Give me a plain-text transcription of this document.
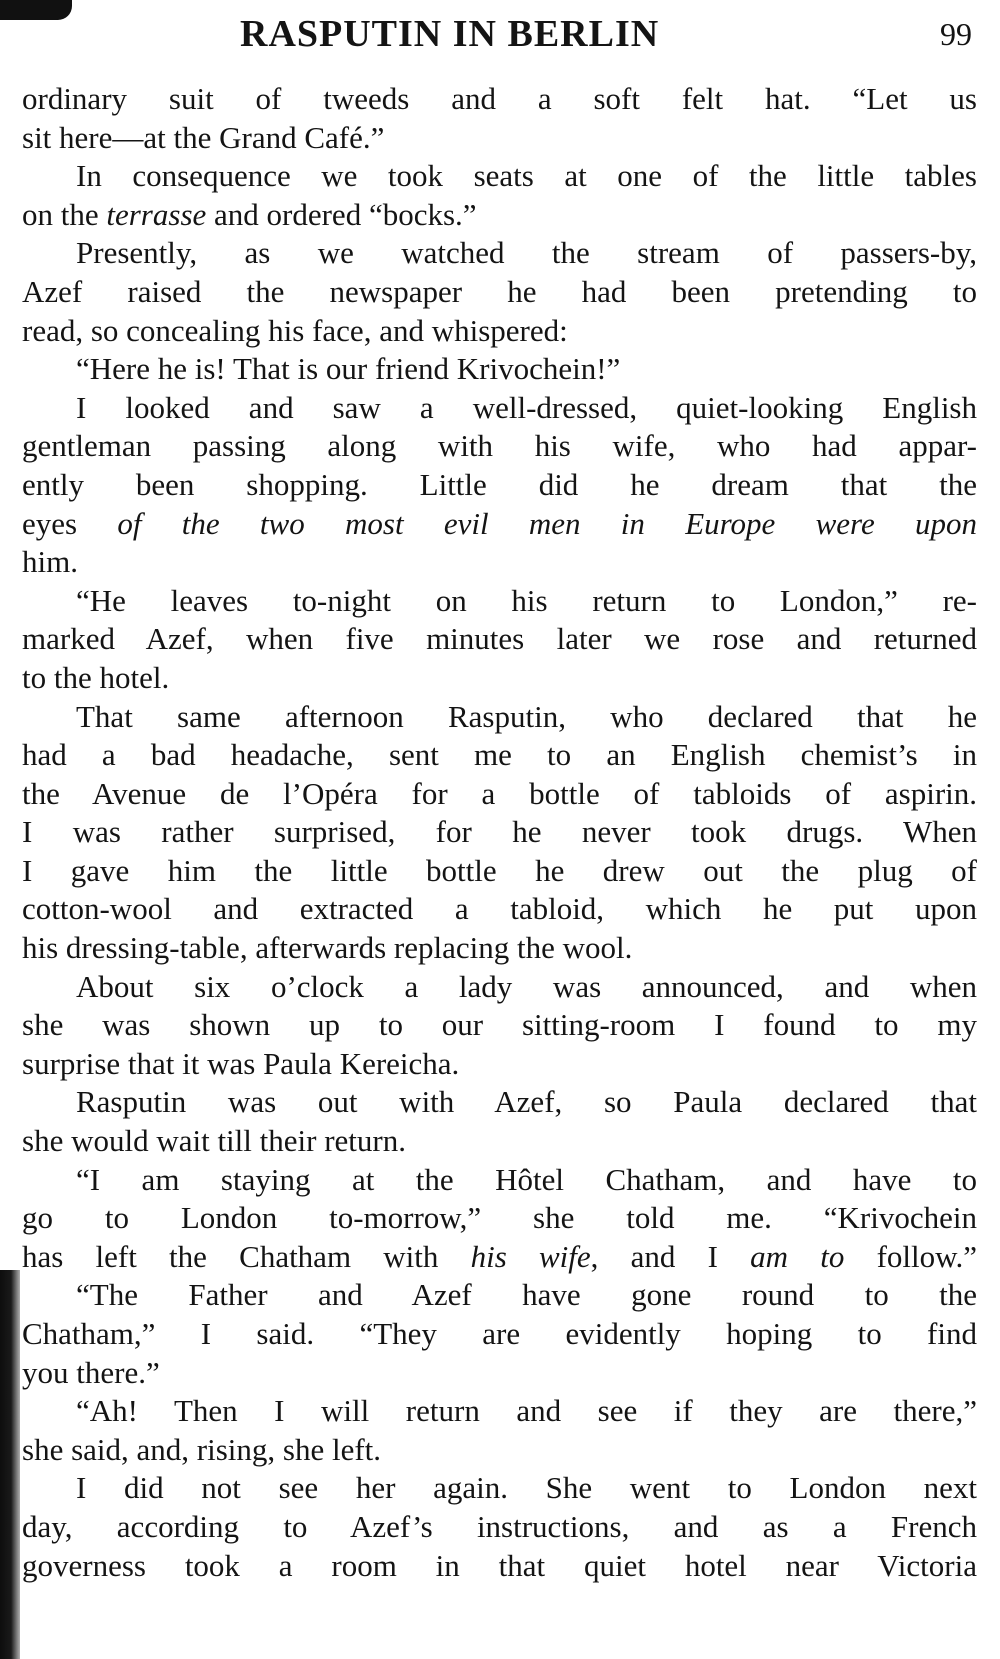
RASPUTIN IN BERLIN	99
ordinary suit of tweeds and a soft felt hat. “Let us
sit here—at the Grand Café.”
In consequence we took seats at one of the little tables
on the terrasse and ordered “bocks.”
Presently, as we watched the stream of passers-by,
Azef raised the newspaper he had been pretending to
read, so concealing his face, and whispered:
“Here he is! That is our friend Krivochein!”
I looked and saw a well-dressed, quiet-looking English
gentleman passing along with his wife, who had appar-
ently been shopping. Little did he dream that the
eyes of the two most evil men in Europe were upon
him.
“He leaves to-night on his return to London,” re-
marked Azef, when five minutes later we rose and returned
to the hotel.
That same afternoon Rasputin, who declared that he
had a bad headache, sent me to an English chemist’s in
the Avenue de l’Opéra for a bottle of tabloids of aspirin.
I was rather surprised, for he never took drugs. When
I gave him the little bottle he drew out the plug of
cotton-wool and extracted a tabloid, which he put upon
his dressing-table, afterwards replacing the wool.
About six o’clock a lady was announced, and when
she was shown up to our sitting-room I found to my
surprise that it was Paula Kereicha.
Rasputin was out with Azef, so Paula declared that
she would wait till their return.
“I am staying at the Hôtel Chatham, and have to
go to London to-morrow,” she told me. “Krivochein
has left the Chatham with his wife, and I am to follow.”
“The Father and Azef have gone round to the
Chatham,” I said. “They are evidently hoping to find
you there.”
“Ah! Then I will return and see if they are there,”
she said, and, rising, she left.
I did not see her again. She went to London next
day, according to Azef’s instructions, and as a French
governess took a room in that quiet hotel near Victoria
